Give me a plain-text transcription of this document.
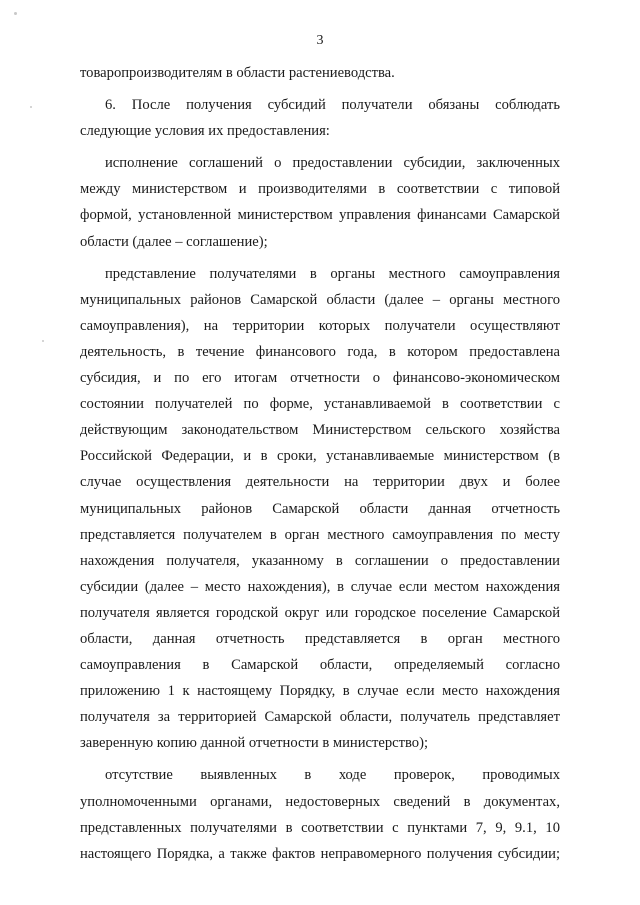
3
товаропроизводителям в области растениеводства.
6. После получения субсидий получатели обязаны соблюдать
следующие условия их предоставления:
исполнение соглашений о предоставлении субсидии, заключенных
между министерством и производителями в соответствии с типовой
формой, установленной министерством управления финансами Самарской
области (далее – соглашение);
представление получателями в органы местного самоуправления
муниципальных районов Самарской области (далее – органы местного
самоуправления), на территории которых получатели осуществляют
деятельность, в течение финансового года, в котором предоставлена
субсидия, и по его итогам отчетности о финансово-экономическом
состоянии получателей по форме, устанавливаемой в соответствии с
действующим законодательством Министерством сельского хозяйства
Российской Федерации, и в сроки, устанавливаемые министерством (в
случае осуществления деятельности на территории двух и более
муниципальных районов Самарской области данная отчетность
представляется получателем в орган местного самоуправления по месту
нахождения получателя, указанному в соглашении о предоставлении
субсидии (далее – место нахождения), в случае если местом нахождения
получателя является городской округ или городское поселение Самарской
области, данная отчетность представляется в орган местного
самоуправления в Самарской области, определяемый согласно
приложению 1 к настоящему Порядку, в случае если место нахождения
получателя за территорией Самарской области, получатель представляет
заверенную копию данной отчетности в министерство);
отсутствие выявленных в ходе проверок, проводимых
уполномоченными органами, недостоверных сведений в документах,
представленных получателями в соответствии с пунктами 7, 9, 9.1, 10
настоящего Порядка, а также фактов неправомерного получения субсидии;
